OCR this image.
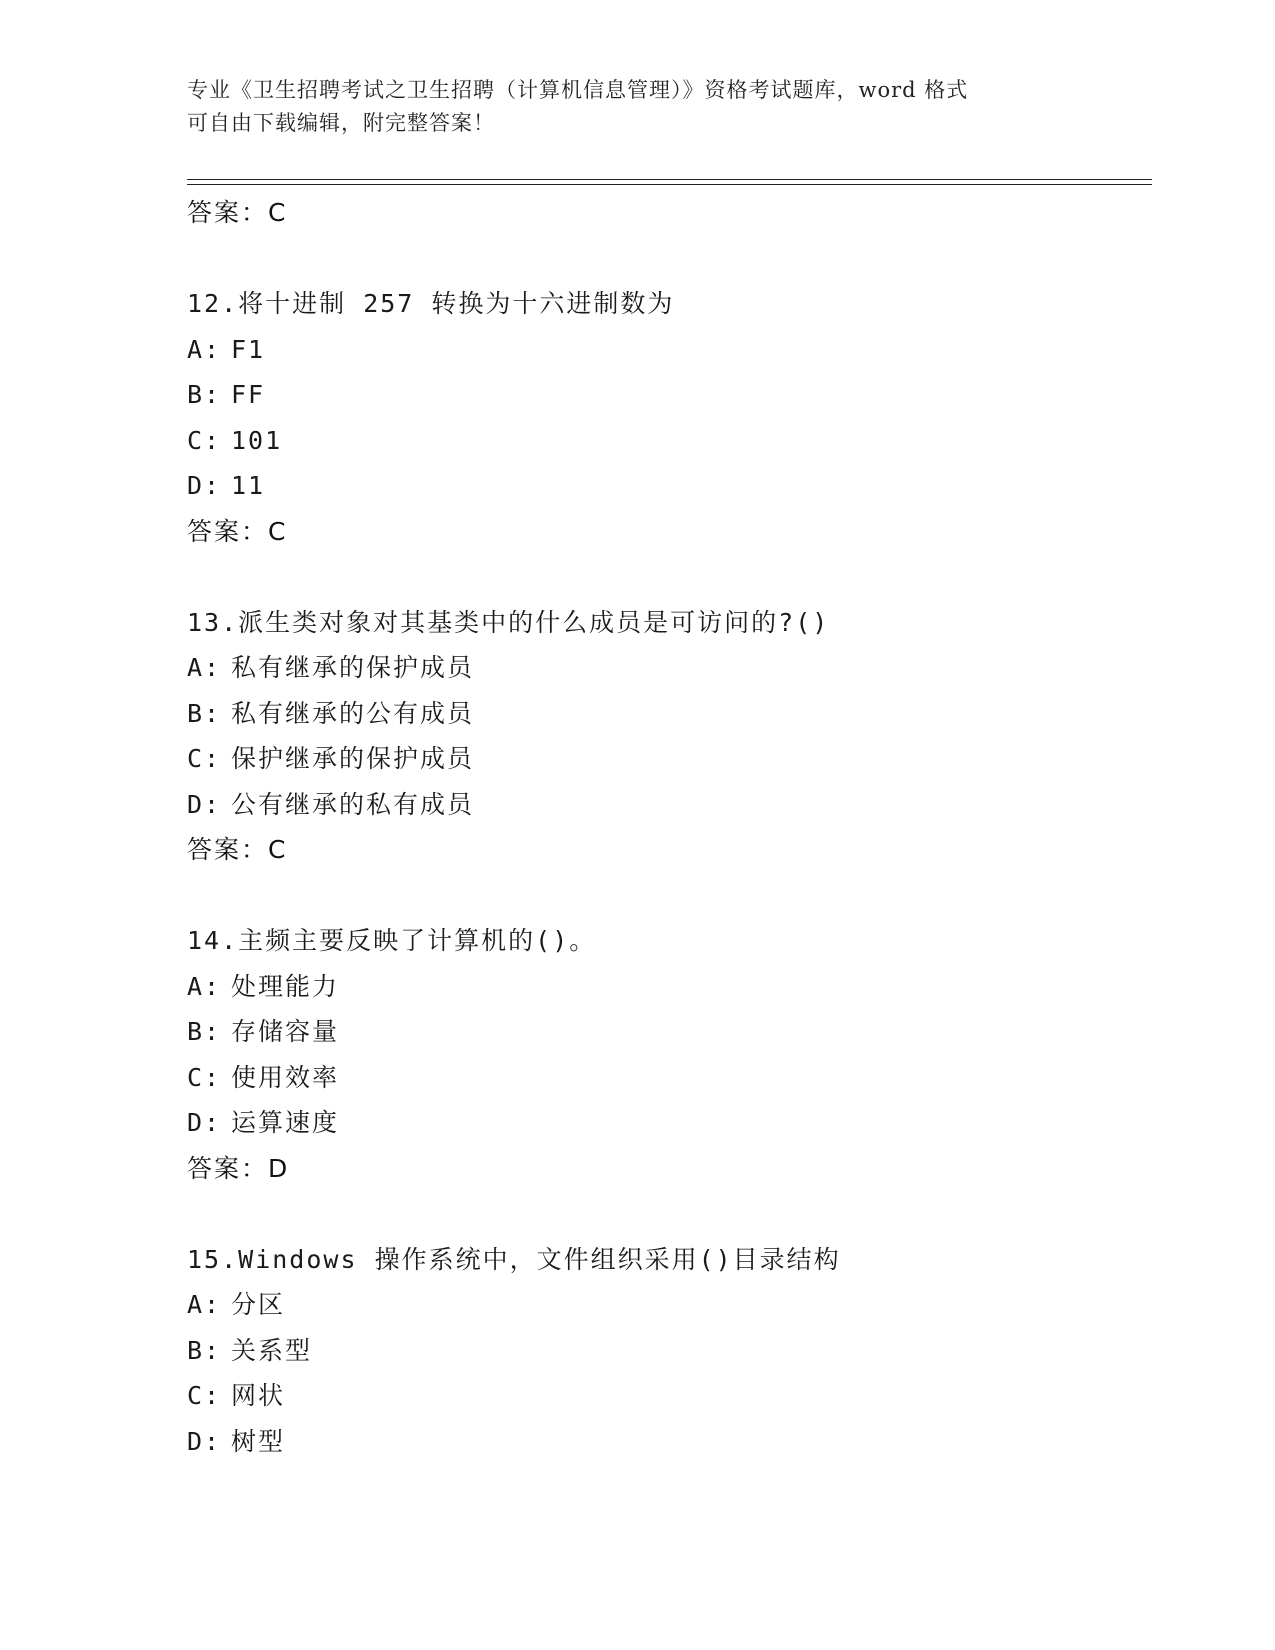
专业《卫生招聘考试之卫生招聘（计算机信息管理）》资格考试题库，word 格式
可自由下载编辑，附完整答案！
答案：C
12.将十进制 257 转换为十六进制数为
A: F1
B: FF
C: 101
D: 11
答案：C
13.派生类对象对其基类中的什么成员是可访问的?()
A: 私有继承的保护成员
B: 私有继承的公有成员
C: 保护继承的保护成员
D: 公有继承的私有成员
答案：C
14.主频主要反映了计算机的()。
A: 处理能力
B: 存储容量
C: 使用效率
D: 运算速度
答案：D
15.Windows 操作系统中，文件组织采用()目录结构
A: 分区
B: 关系型
C: 网状
D: 树型
